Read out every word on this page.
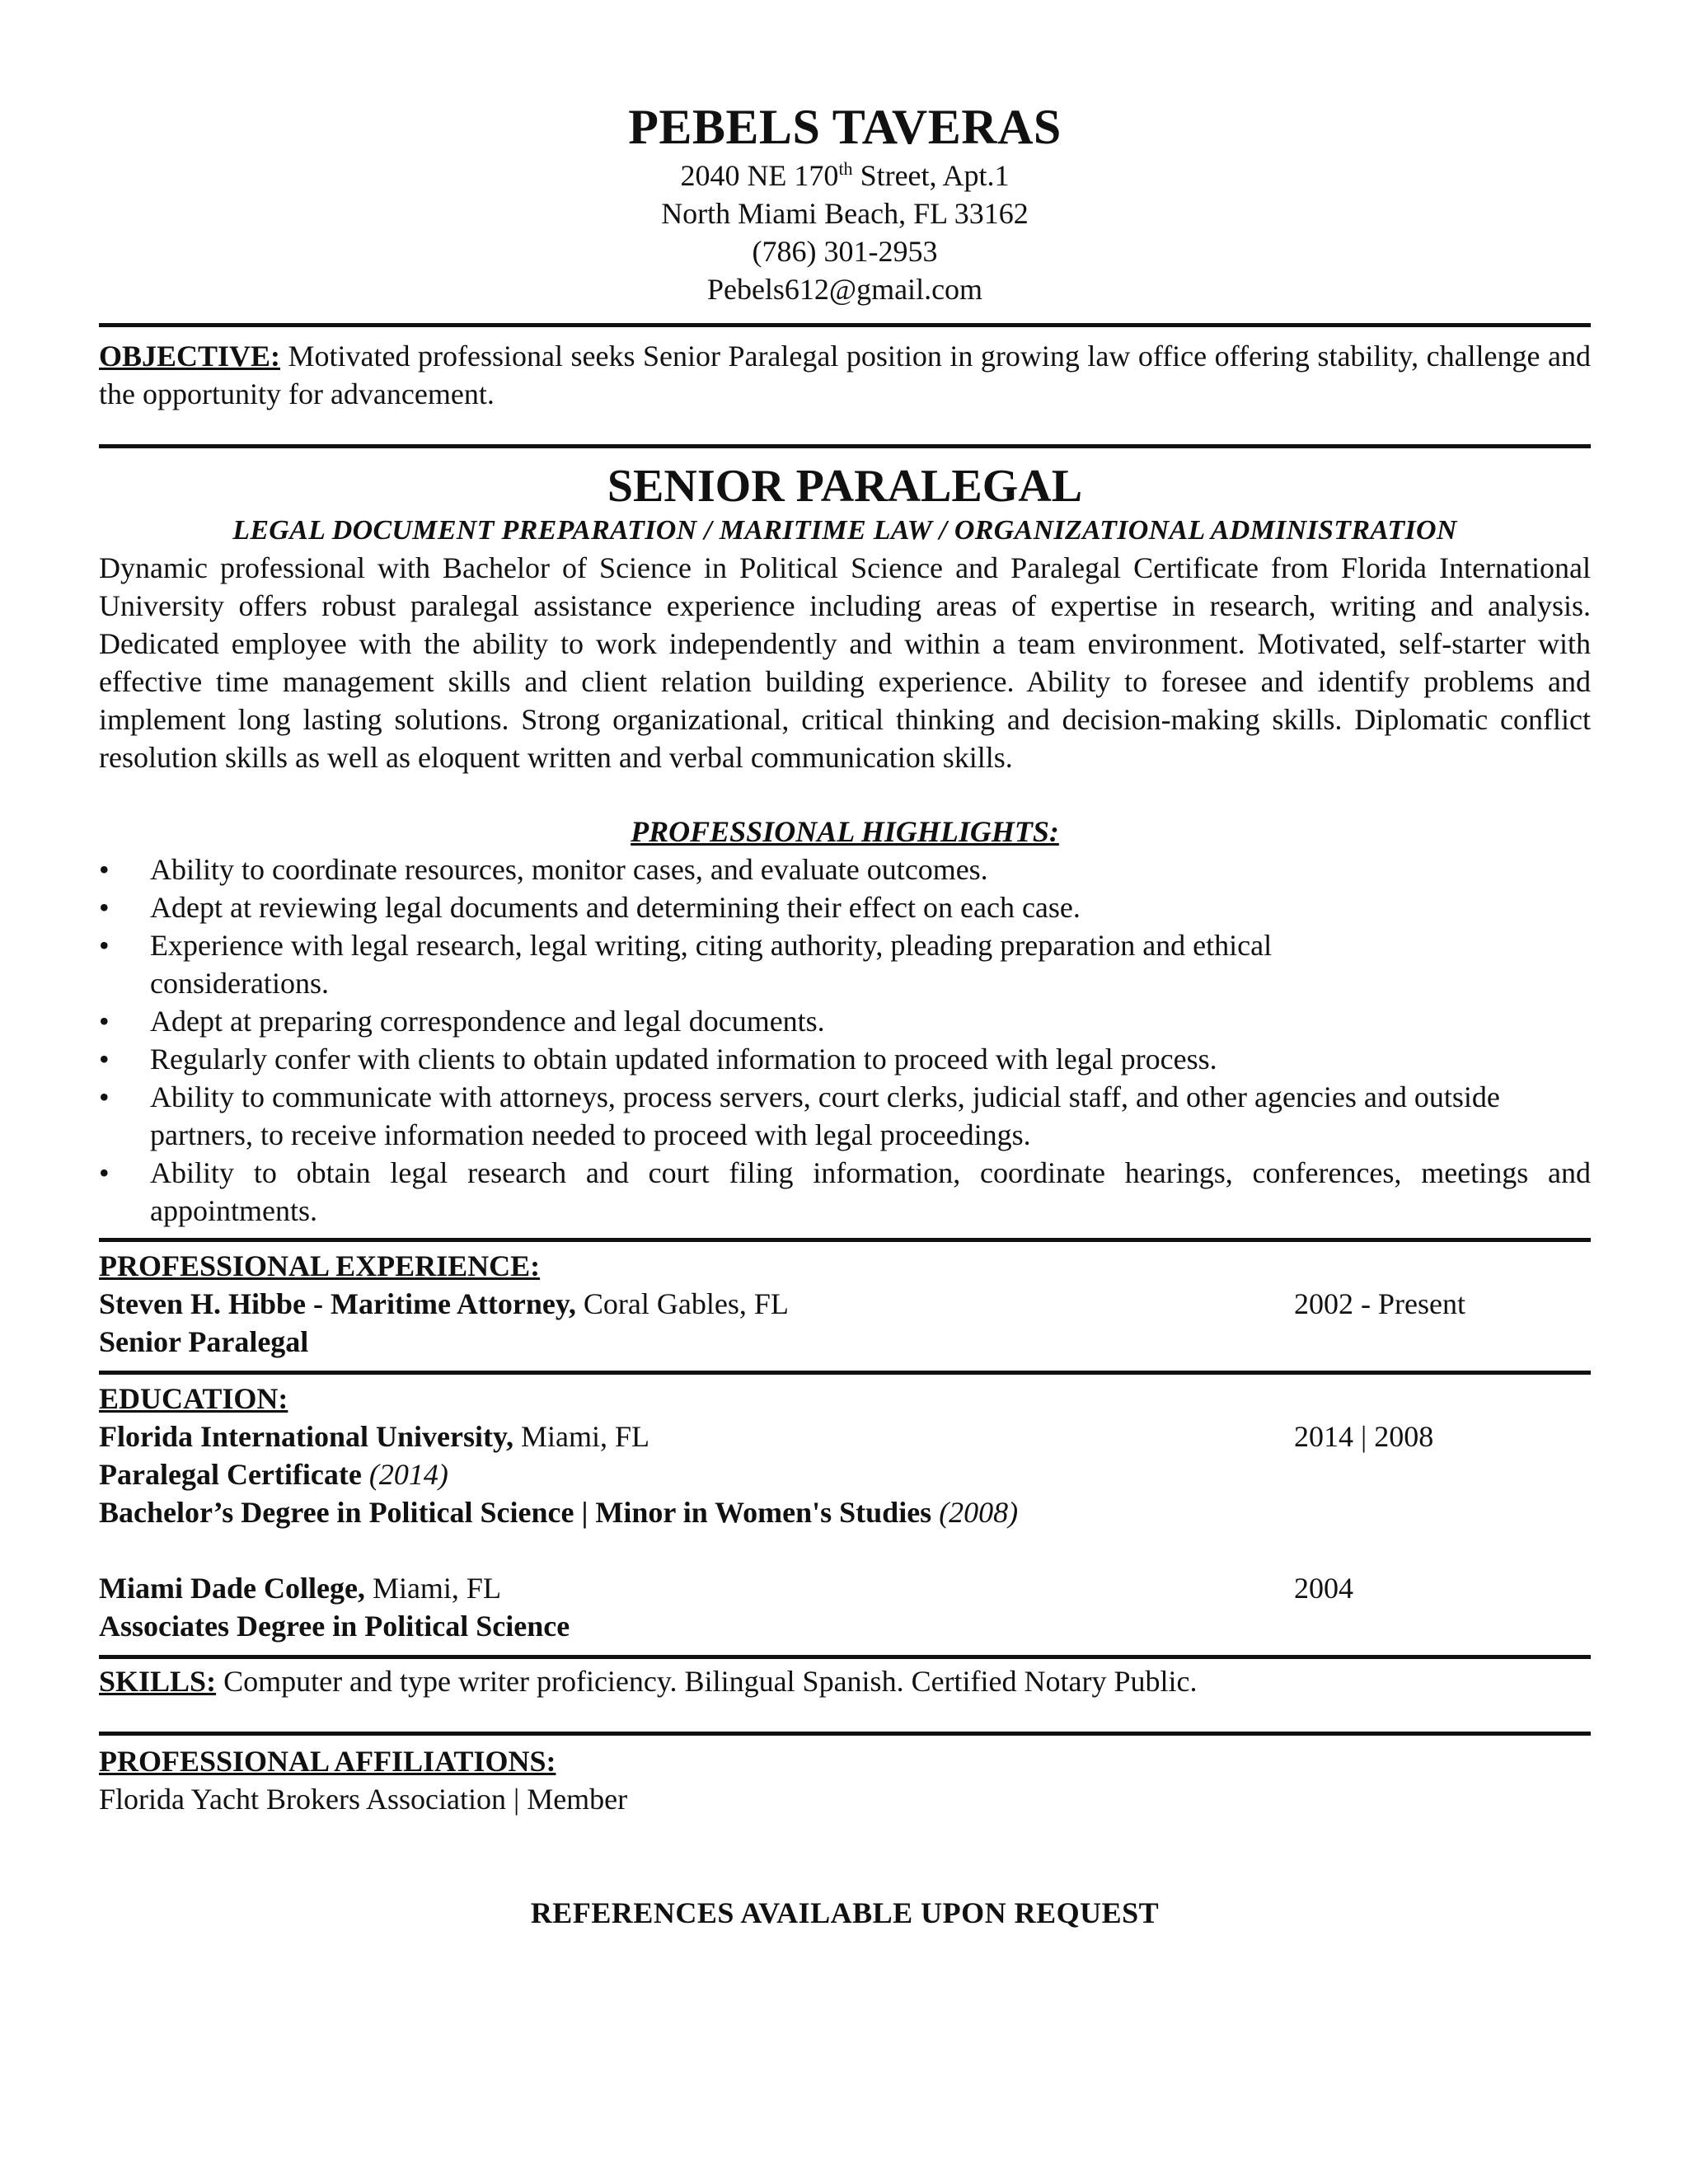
PEBELS TAVERAS
2040 NE 170th Street, Apt.1
North Miami Beach, FL 33162
(786) 301-2953
Pebels612@gmail.com
OBJECTIVE: Motivated professional seeks Senior Paralegal position in growing law office offering stability, challenge and the opportunity for advancement.
SENIOR PARALEGAL
LEGAL DOCUMENT PREPARATION / MARITIME LAW / ORGANIZATIONAL ADMINISTRATION

Dynamic professional with Bachelor of Science in Political Science and Paralegal Certificate from Florida International University offers robust paralegal assistance experience including areas of expertise in research, writing and analysis. Dedicated employee with the ability to work independently and within a team environment. Motivated, self-starter with effective time management skills and client relation building experience. Ability to foresee and identify problems and implement long lasting solutions. Strong organizational, critical thinking and decision-making skills. Diplomatic conflict resolution skills as well as eloquent written and verbal communication skills.

PROFESSIONAL HIGHLIGHTS:
• Ability to coordinate resources, monitor cases, and evaluate outcomes.
• Adept at reviewing legal documents and determining their effect on each case.
• Experience with legal research, legal writing, citing authority, pleading preparation and ethical considerations.
• Adept at preparing correspondence and legal documents.
• Regularly confer with clients to obtain updated information to proceed with legal process.
• Ability to communicate with attorneys, process servers, court clerks, judicial staff, and other agencies and outside partners, to receive information needed to proceed with legal proceedings.
• Ability to obtain legal research and court filing information, coordinate hearings, conferences, meetings and appointments.
PROFESSIONAL EXPERIENCE:
Steven H. Hibbe - Maritime Attorney, Coral Gables, FL	2002 - Present
Senior Paralegal
EDUCATION:
Florida International University, Miami, FL	2014 | 2008
Paralegal Certificate (2014)
Bachelor’s Degree in Political Science | Minor in Women's Studies (2008)
Miami Dade College, Miami, FL	2004
Associates Degree in Political Science
SKILLS: Computer and type writer proficiency. Bilingual Spanish. Certified Notary Public.
PROFESSIONAL AFFILIATIONS:
Florida Yacht Brokers Association | Member
REFERENCES AVAILABLE UPON REQUEST
